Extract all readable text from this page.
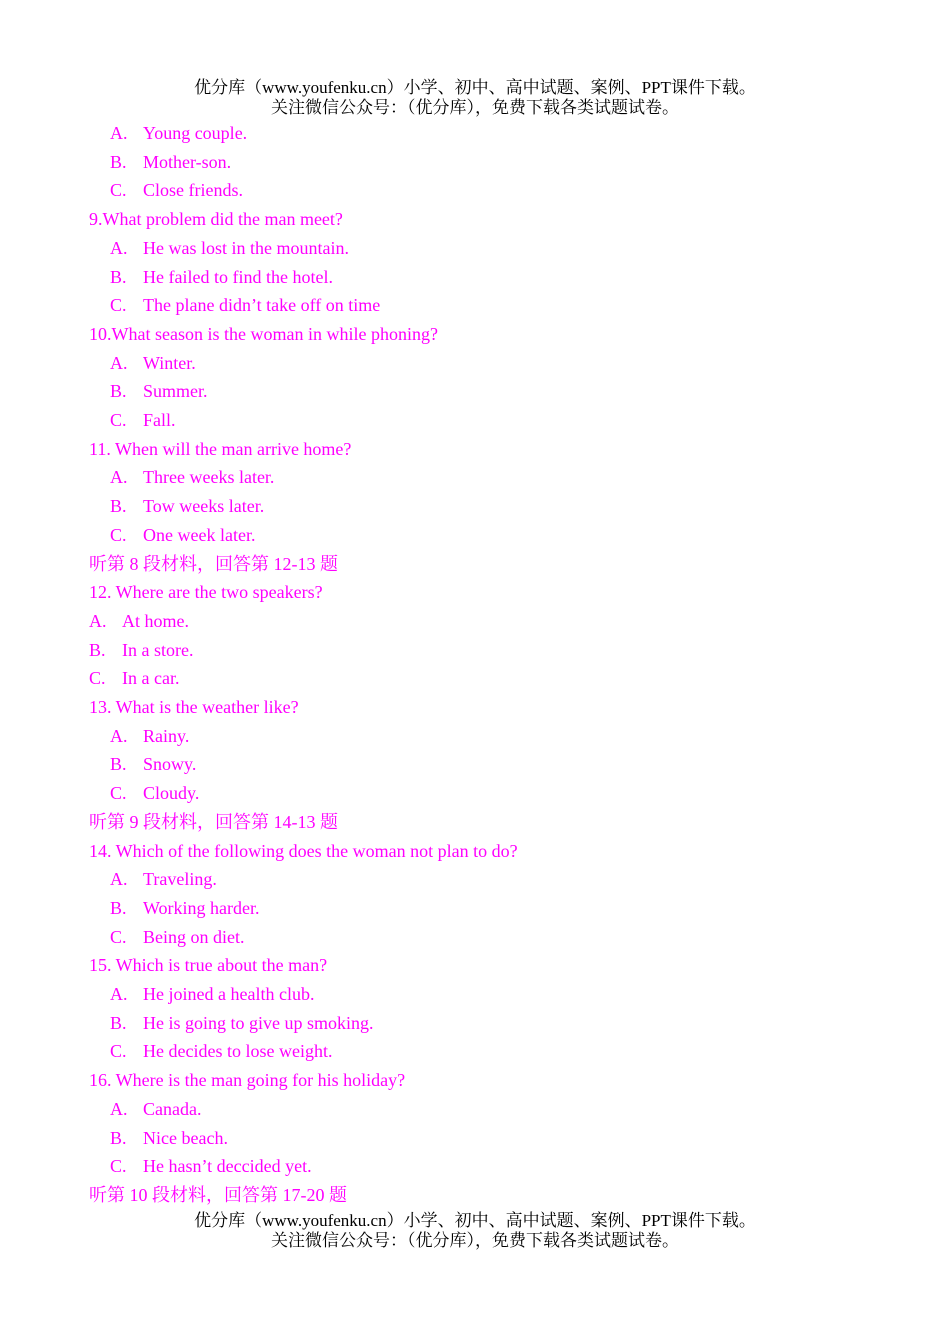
优分库（www.youfenku.cn）小学、初中、高中试题、案例、PPT课件下载。
关注微信公众号：（优分库），免费下载各类试题试卷。
A. Young couple.
B. Mother-son.
C. Close friends.
9.What problem did the man meet?
A. He was lost in the mountain.
B. He failed to find the hotel.
C. The plane didn’t take off on time
10.What season is the woman in while phoning?
A. Winter.
B. Summer.
C. Fall.
11. When will the man arrive home?
A. Three weeks later.
B. Tow weeks later.
C. One week later.
听第 8 段材料，回答第 12-13 题
12. Where are the two speakers?
A. At home.
B. In a store.
C. In a car.
13. What is the weather like?
A. Rainy.
B. Snowy.
C. Cloudy.
听第 9 段材料，回答第 14-13 题
14. Which of the following does the woman not plan to do?
A. Traveling.
B. Working harder.
C. Being on diet.
15. Which is true about the man?
A. He joined a health club.
B. He is going to give up smoking.
C. He decides to lose weight.
16. Where is the man going for his holiday?
A. Canada.
B. Nice beach.
C. He hasn’t deccided yet.
听第 10 段材料，回答第 17-20 题
优分库（www.youfenku.cn）小学、初中、高中试题、案例、PPT课件下载。
关注微信公众号：（优分库），免费下载各类试题试卷。
